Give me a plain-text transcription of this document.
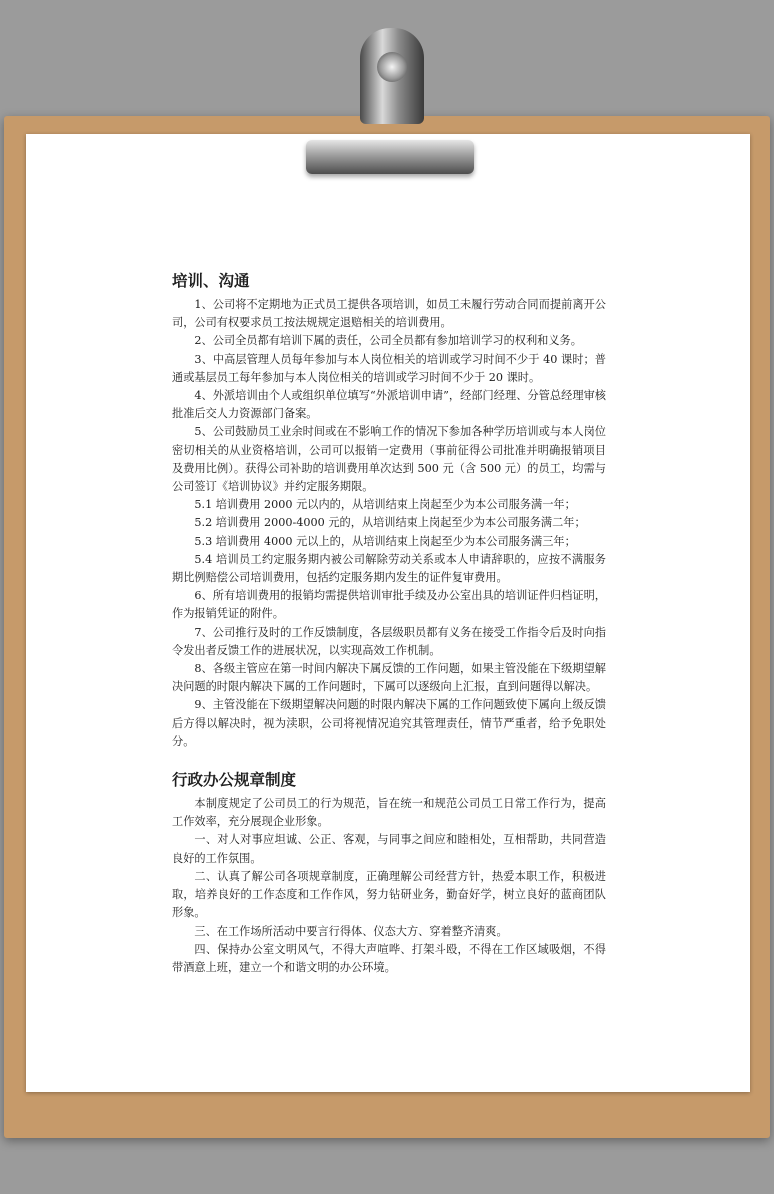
培训、沟通

1、公司将不定期地为正式员工提供各项培训，如员工未履行劳动合同而提前离开公司，公司有权要求员工按法规规定退赔相关的培训费用。

2、公司全员都有培训下属的责任，公司全员都有参加培训学习的权利和义务。

3、中高层管理人员每年参加与本人岗位相关的培训或学习时间不少于 40 课时；普通或基层员工每年参加与本人岗位相关的培训或学习时间不少于 20 课时。

4、外派培训由个人或组织单位填写“外派培训申请”，经部门经理、分管总经理审核批准后交人力资源部门备案。

5、公司鼓励员工业余时间或在不影响工作的情况下参加各种学历培训或与本人岗位密切相关的从业资格培训，公司可以报销一定费用（事前征得公司批准并明确报销项目及费用比例）。获得公司补助的培训费用单次达到 500 元（含 500 元）的员工，均需与公司签订《培训协议》并约定服务期限。

5.1 培训费用 2000 元以内的，从培训结束上岗起至少为本公司服务满一年；

5.2 培训费用 2000-4000 元的，从培训结束上岗起至少为本公司服务满二年；

5.3 培训费用 4000 元以上的，从培训结束上岗起至少为本公司服务满三年；

5.4 培训员工约定服务期内被公司解除劳动关系或本人申请辞职的，应按不满服务期比例赔偿公司培训费用，包括约定服务期内发生的证件复审费用。

6、所有培训费用的报销均需提供培训审批手续及办公室出具的培训证件归档证明，作为报销凭证的附件。

7、公司推行及时的工作反馈制度，各层级职员都有义务在接受工作指令后及时向指令发出者反馈工作的进展状况，以实现高效工作机制。

8、各级主管应在第一时间内解决下属反馈的工作问题，如果主管没能在下级期望解决问题的时限内解决下属的工作问题时，下属可以逐级向上汇报，直到问题得以解决。

9、主管没能在下级期望解决问题的时限内解决下属的工作问题致使下属向上级反馈后方得以解决时，视为渎职，公司将视情况追究其管理责任，情节严重者，给予免职处分。

行政办公规章制度

本制度规定了公司员工的行为规范，旨在统一和规范公司员工日常工作行为，提高工作效率，充分展现企业形象。

一、对人对事应坦诚、公正、客观，与同事之间应和睦相处，互相帮助，共同营造良好的工作氛围。

二、认真了解公司各项规章制度，正确理解公司经营方针，热爱本职工作，积极进取，培养良好的工作态度和工作作风，努力钻研业务，勤奋好学，树立良好的蓝商团队形象。

三、在工作场所活动中要言行得体、仪态大方、穿着整齐清爽。

四、保持办公室文明风气，不得大声喧哗、打架斗殴，不得在工作区域吸烟，不得带酒意上班，建立一个和谐文明的办公环境。
